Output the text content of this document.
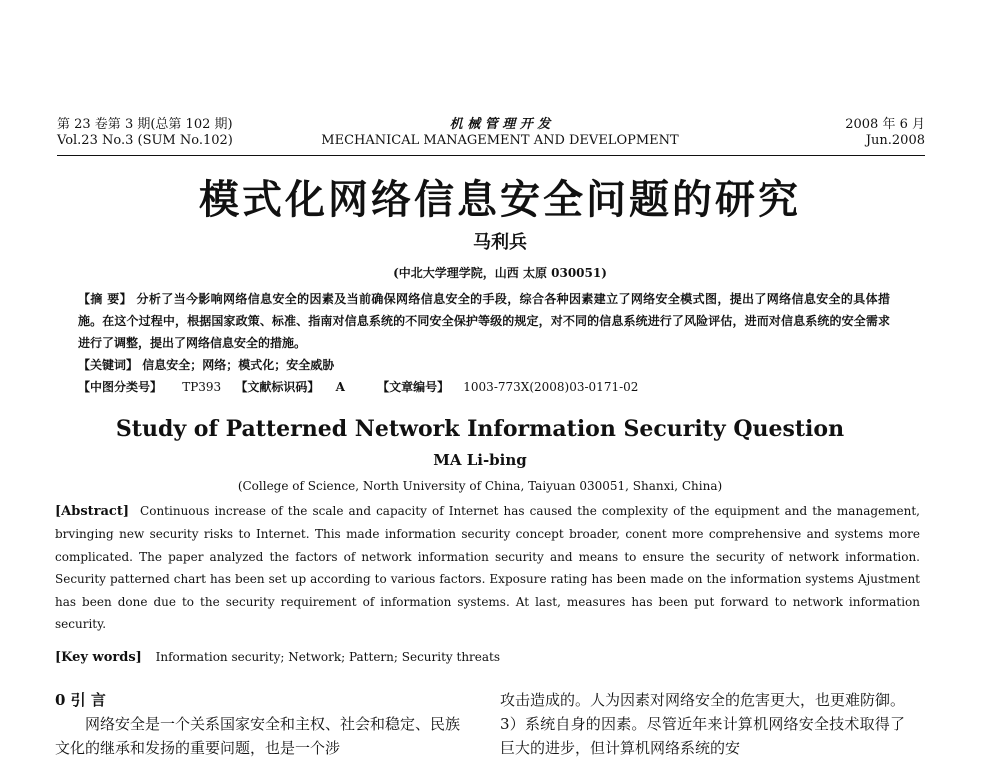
第 23 卷第 3 期(总第 102 期)
Vol.23 No.3 (SUM No.102)
机 械 管 理 开 发
MECHANICAL MANAGEMENT AND DEVELOPMENT
2008 年 6 月
Jun.2008
模式化网络信息安全问题的研究
马利兵
(中北大学理学院，山西 太原 030051)

【摘 要】 分析了当今影响网络信息安全的因素及当前确保网络信息安全的手段，综合各种因素建立了网络安全模式图，提出了网络信息安全的具体措施。在这个过程中，根据国家政策、标准、指南对信息系统的不同安全保护等级的规定，对不同的信息系统进行了风险评估，进而对信息系统的安全需求进行了调整，提出了网络信息安全的措施。

【关键词】 信息安全；网络；模式化；安全威胁

【中图分类号】 TP393 【文献标识码】 A	【文章编号】 1003-773X(2008)03-0171-02

Study of Patterned Network Information Security Question
MA Li-bing
(College of Science, North University of China, Taiyuan 030051, Shanxi, China)
[Abstract] Continuous increase of the scale and capacity of Internet has caused the complexity of the equipment and the management, brvinging new security risks to Internet. This made information security concept broader, conent more comprehensive and systems more complicated. The paper analyzed the factors of network information security and means to ensure the security of network information. Security patterned chart has been set up according to various factors. Exposure rating has been made on the information systems Ajustment has been done due to the security requirement of information systems. At last, measures has been put forward to network information security.
[Key words] Information security; Network; Pattern; Security threats

0 引 言

网络安全是一个关系国家安全和主权、社会和稳定、民族文化的继承和发扬的重要问题，也是一个涉

攻击造成的。人为因素对网络安全的危害更大，也更难防御。3）系统自身的因素。尽管近年来计算机网络安全技术取得了巨大的进步，但计算机网络系统的安
